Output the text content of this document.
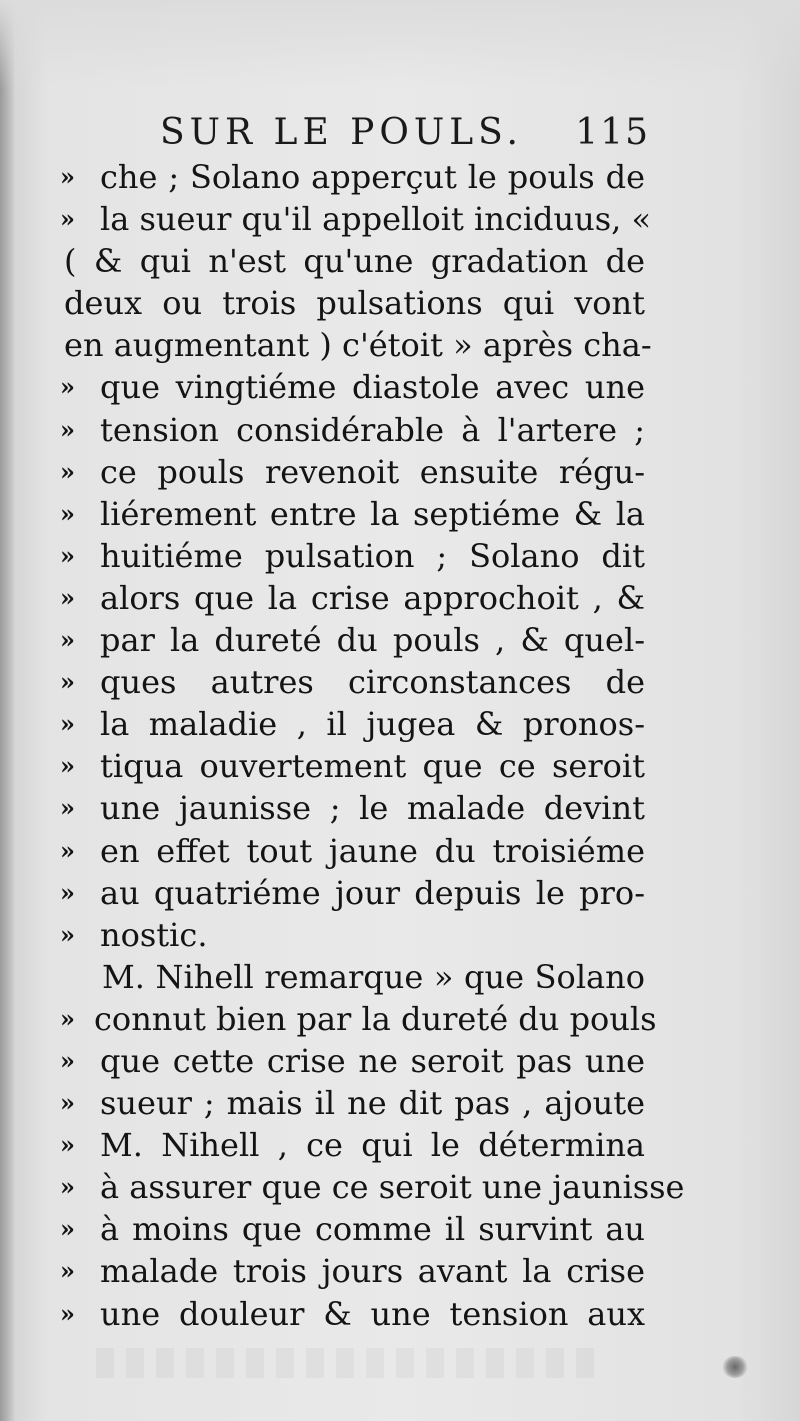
SUR LE POULS. 115
» che ; Solano apperçut le pouls de
» la sueur qu'il appelloit inciduus, «
( & qui n'est qu'une gradation de
deux ou trois pulsations qui vont
en augmentant ) c'étoit » après cha-
» que vingtiéme diastole avec une
» tension considérable à l'artere ;
» ce pouls revenoit ensuite régu-
» liérement entre la septiéme & la
» huitiéme pulsation ; Solano dit
» alors que la crise approchoit , &
» par la dureté du pouls , & quel-
» ques autres circonstances de
» la maladie , il jugea & pronos-
» tiqua ouvertement que ce seroit
» une jaunisse ; le malade devint
» en effet tout jaune du troisiéme
» au quatriéme jour depuis le pro-
» nostic.
M. Nihell remarque » que Solano
» connut bien par la dureté du pouls
» que cette crise ne seroit pas une
» sueur ; mais il ne dit pas , ajoute
» M. Nihell , ce qui le détermina
» à assurer que ce seroit une jaunisse
» à moins que comme il survint au
» malade trois jours avant la crise
» une douleur & une tension aux
